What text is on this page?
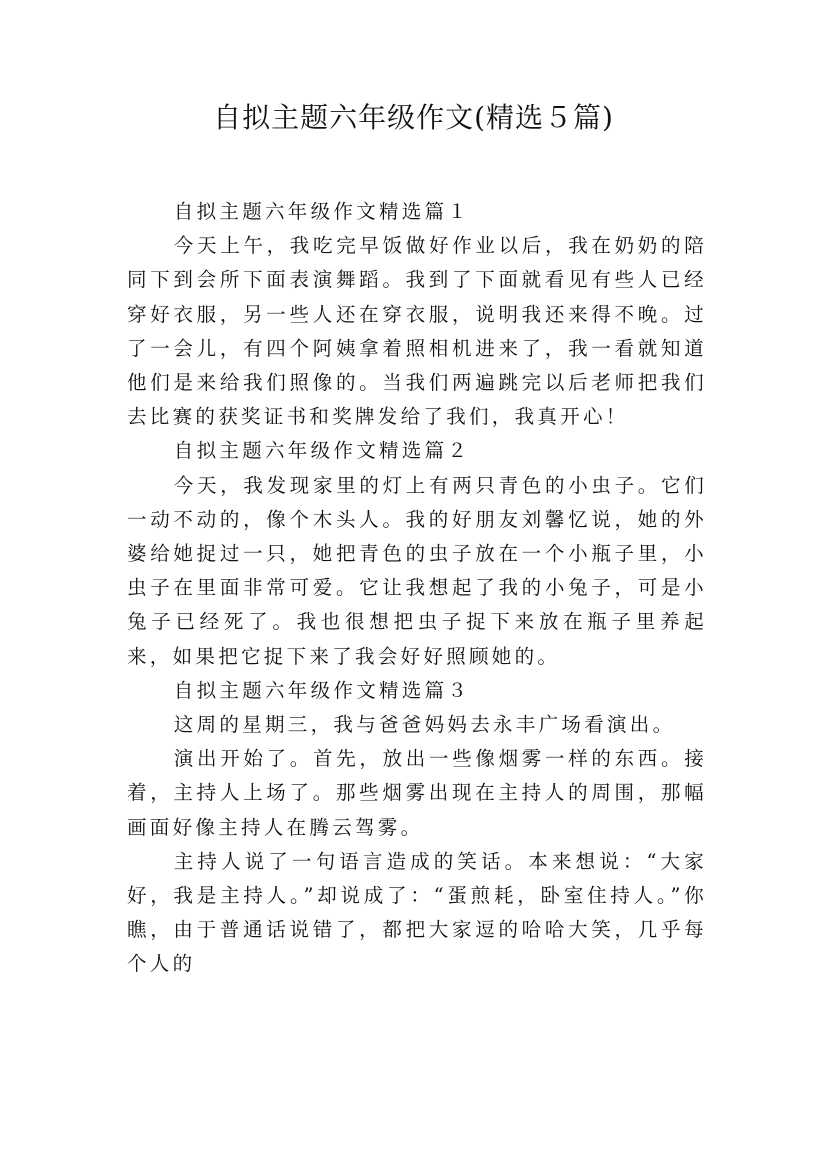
自拟主题六年级作文(精选５篇)

自拟主题六年级作文精选篇１

今天上午，我吃完早饭做好作业以后，我在奶奶的陪同下到会所下面表演舞蹈。我到了下面就看见有些人已经穿好衣服，另一些人还在穿衣服，说明我还来得不晚。过了一会儿，有四个阿姨拿着照相机进来了，我一看就知道他们是来给我们照像的。当我们两遍跳完以后老师把我们去比赛的获奖证书和奖牌发给了我们，我真开心！

自拟主题六年级作文精选篇２

今天，我发现家里的灯上有两只青色的小虫子。它们一动不动的，像个木头人。我的好朋友刘馨忆说，她的外婆给她捉过一只，她把青色的虫子放在一个小瓶子里，小虫子在里面非常可爱。它让我想起了我的小兔子，可是小兔子已经死了。我也很想把虫子捉下来放在瓶子里养起来，如果把它捉下来了我会好好照顾她的。

自拟主题六年级作文精选篇３

这周的星期三，我与爸爸妈妈去永丰广场看演出。

演出开始了。首先，放出一些像烟雾一样的东西。接着，主持人上场了。那些烟雾出现在主持人的周围，那幅画面好像主持人在腾云驾雾。

主持人说了一句语言造成的笑话。本来想说：“大家好，我是主持人。”却说成了：“蛋煎耗，卧室住持人。”你瞧，由于普通话说错了，都把大家逗的哈哈大笑，几乎每个人的
